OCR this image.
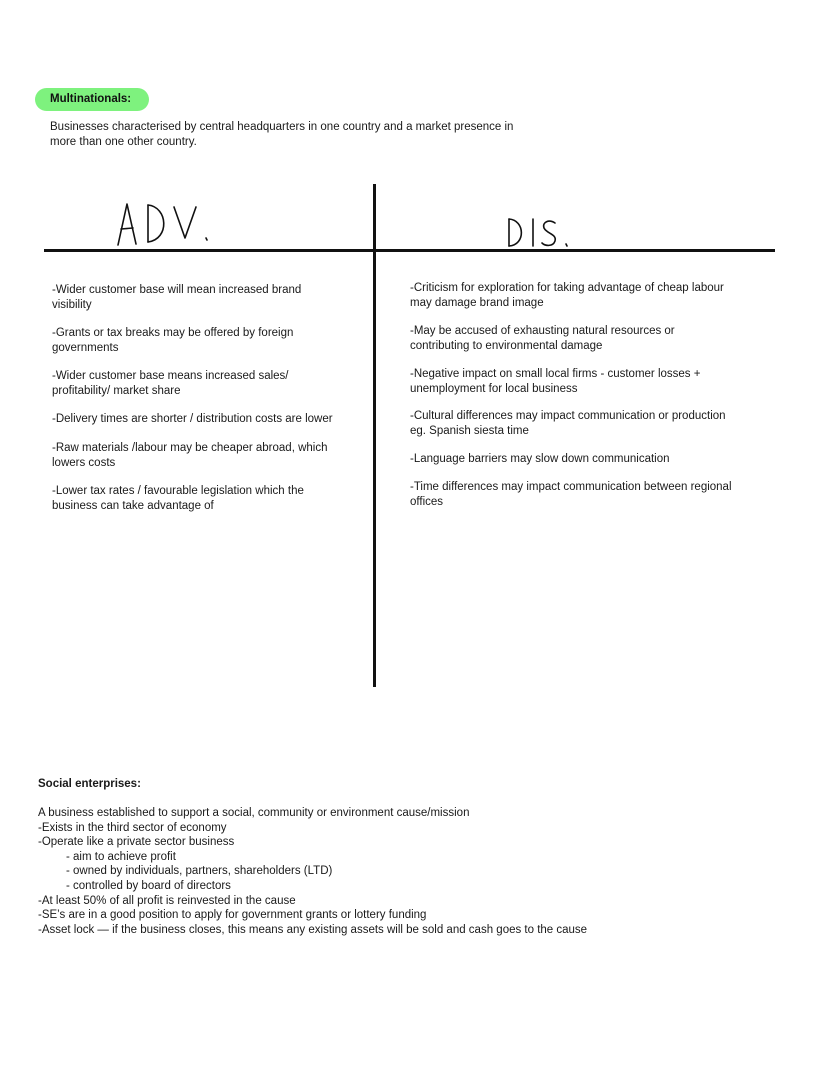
Multinationals:
Businesses characterised by central headquarters in one country and a market presence in
more than one other country.
-Wider customer base will mean increased brand
visibility
-Grants or tax breaks may be offered by foreign
governments
-Wider customer base means increased sales/
profitability/ market share
-Delivery times are shorter / distribution costs are lower
-Raw materials /labour may be cheaper abroad, which
lowers costs
-Lower tax rates / favourable legislation which the
business can take advantage of
-Criticism for exploration for taking advantage of cheap labour
may damage brand image
-May be accused of exhausting natural resources or
contributing to environmental damage
-Negative impact on small local firms - customer losses +
unemployment for local business
-Cultural differences may impact communication or production
eg. Spanish siesta time
-Language barriers may slow down communication
-Time differences may impact communication between regional
offices
Social enterprises:
A business established to support a social, community or environment cause/mission
-Exists in the third sector of economy
-Operate like a private sector business
- aim to achieve profit
- owned by individuals, partners, shareholders (LTD)
- controlled by board of directors
-At least 50% of all profit is reinvested in the cause
-SE’s are in a good position to apply for government grants or lottery funding
-Asset lock — if the business closes, this means any existing assets will be sold and cash goes to the cause
